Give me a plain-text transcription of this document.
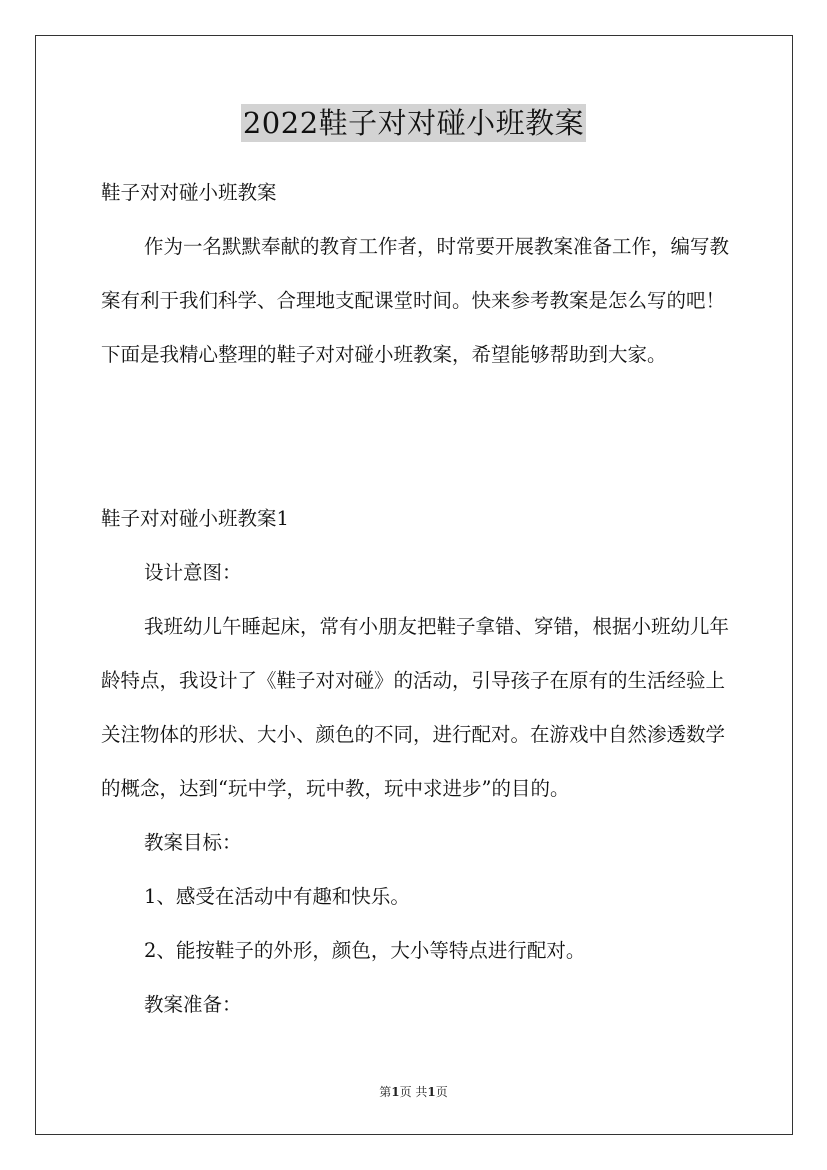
2022鞋子对对碰小班教案

鞋子对对碰小班教案

作为一名默默奉献的教育工作者，时常要开展教案准备工作，编写教案有利于我们科学、合理地支配课堂时间。快来参考教案是怎么写的吧！下面是我精心整理的鞋子对对碰小班教案，希望能够帮助到大家。

鞋子对对碰小班教案1

设计意图：

我班幼儿午睡起床，常有小朋友把鞋子拿错、穿错，根据小班幼儿年龄特点，我设计了《鞋子对对碰》的活动，引导孩子在原有的生活经验上关注物体的形状、大小、颜色的不同，进行配对。在游戏中自然渗透数学的概念，达到“玩中学，玩中教，玩中求进步”的目的。

教案目标：

1、感受在活动中有趣和快乐。

2、能按鞋子的外形，颜色，大小等特点进行配对。

教案准备：

第1页 共1页
